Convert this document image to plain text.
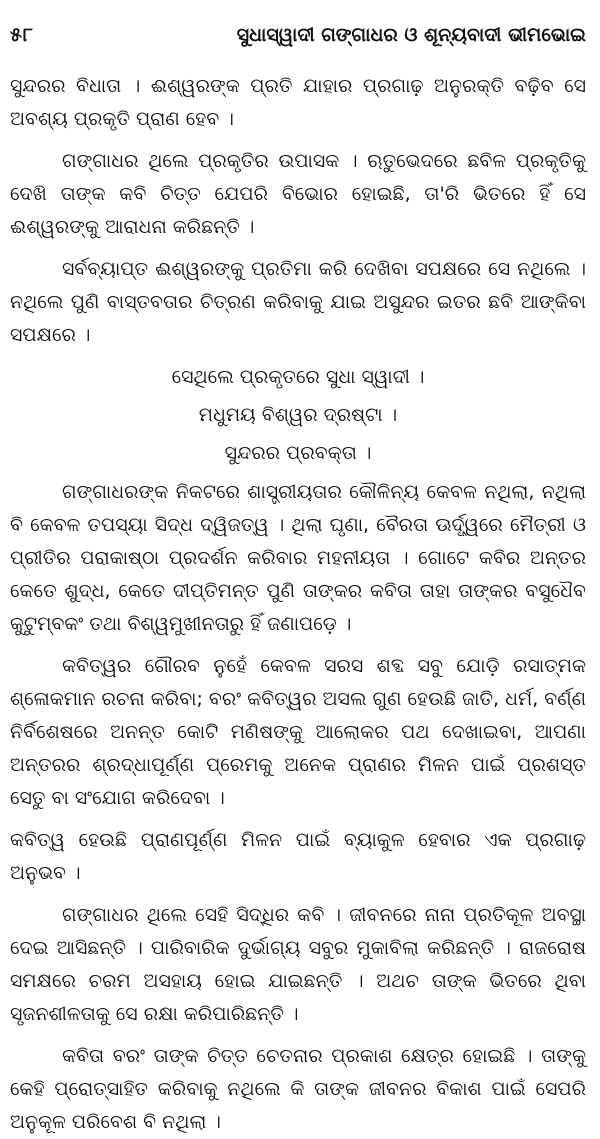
୫୮	ସୁଧାସ୍ୱାଦୀ ଗଙ୍ଗାଧର ଓ ଶୂନ୍ୟବାଦୀ ଭୀମଭୋଇ

ସୁନ୍ଦରର ବିଧାତା । ଈଶ୍ୱରଙ୍କ ପ୍ରତି ଯାହାର ପ୍ରଗାଢ଼ ଅନୁରକ୍ତି ବଢ଼ିବ ସେ ଅବଶ୍ୟ ପ୍ରକୃତି ପ୍ରାଣ ହେବ ।

ଗଙ୍ଗାଧର ଥିଲେ ପ୍ରକୃତିର ଉପାସକ । ଋତୁଭେଦରେ ଛବିଳ ପ୍ରକୃତିକୁ ଦେଖି ତାଙ୍କ କବି ଚିତ୍ତ ଯେପରି ବିଭୋର ହୋଇଛି, ତା'ରି ଭିତରେ ହିଁ ସେ ଈଶ୍ୱରଙ୍କୁ ଆରାଧନା କରିଛନ୍ତି ।

ସର୍ବବ୍ୟାପ୍ତ ଈଶ୍ୱରଙ୍କୁ ପ୍ରତିମା କରି ଦେଖିବା ସପକ୍ଷରେ ସେ ନଥିଲେ । ନଥିଲେ ପୁଣି ବାସ୍ତବତାର ଚିତ୍ରଣ କରିବାକୁ ଯାଇ ଅସୁନ୍ଦର ଇତର ଛବି ଆଙ୍କିବା ସପକ୍ଷରେ ।

ସେଥିଲେ ପ୍ରକୃତରେ ସୁଧା ସ୍ୱାଦୀ ।
ମଧୁମୟ ବିଶ୍ୱର ଦ୍ରଷ୍ଟା ।
ସୁନ୍ଦରର ପ୍ରବକ୍ତା ।

ଗଙ୍ଗାଧରଙ୍କ ନିକଟରେ ଶାସ୍ତ୍ରୀୟତାର କୌଳିନ୍ୟ କେବଳ ନଥିଲା, ନଥିଲା ବି କେବଳ ତପସ୍ୟା ସିଦ୍ଧ ଦ୍ୱିଜତ୍ୱ । ଥିଲା ଘୃଣା, ବୈରତା ଊର୍ଦ୍ଧ୍ୱରେ ମୈତ୍ରୀ ଓ ପ୍ରୀତିର ପରାକାଷ୍ଠା ପ୍ରଦର୍ଶନ କରିବାର ମହନୀୟତା । ଗୋଟେ କବିର ଅନ୍ତର କେତେ ଶୁଦ୍ଧ, କେତେ ଦୀପ୍ତିମନ୍ତ ପୁଣି ତାଙ୍କର କବିତା ତାହା ତାଙ୍କର ବସୁଧୈବ କୁଟୁମ୍ବକଂ ତଥା ବିଶ୍ୱମୁଖୀନତାରୁ ହିଁ ଜଣାପଡ଼େ ।

କବିତ୍ୱର ଗୌରବ ନୁହେଁ କେବଳ ସରସ ଶବ୍ଦ ସବୁ ଯୋଡ଼ି ରସାତ୍ମକ ଶ୍ଳୋକମାନ ରଚନା କରିବା; ବରଂ କବିତ୍ୱର ଅସଲ ଗୁଣ ହେଉଛି ଜାତି, ଧର୍ମ, ବର୍ଣ୍ଣ ନିର୍ବିଶେଷରେ ଅନନ୍ତ କୋଟି ମଣିଷଙ୍କୁ ଆଲୋକର ପଥ ଦେଖାଇବା, ଆପଣା ଅନ୍ତରର ଶ୍ରଦ୍ଧାପୂର୍ଣ୍ଣ ପ୍ରେମକୁ ଅନେକ ପ୍ରାଣର ମିଳନ ପାଇଁ ପ୍ରଶସ୍ତ ସେତୁ ବା ସଂଯୋଗ କରିଦେବା ।

କବିତ୍ୱ ହେଉଛି ପ୍ରାଣପୂର୍ଣ୍ଣ ମିଳନ ପାଇଁ ବ୍ୟାକୁଳ ହେବାର ଏକ ପ୍ରଗାଢ଼ ଅନୁଭବ ।

ଗଙ୍ଗାଧର ଥିଲେ ସେହି ସିଦ୍ଧିର କବି । ଜୀବନରେ ନାନା ପ୍ରତିକୂଳ ଅବସ୍ଥା ଦେଇ ଆସିଛନ୍ତି । ପାରିବାରିକ ଦୁର୍ଭାଗ୍ୟ ସବୁର ମୁକାବିଲା କରିଛନ୍ତି । ରାଜରୋଷ ସମକ୍ଷରେ ଚରମ ଅସହାୟ ହୋଇ ଯାଇଛନ୍ତି । ଅଥଚ ତାଙ୍କ ଭିତରେ ଥିବା ସୃଜନଶୀଳତାକୁ ସେ ରକ୍ଷା କରିପାରିଛନ୍ତି ।

କବିତା ବରଂ ତାଙ୍କ ଚିତ୍ତ ଚେତନାର ପ୍ରକାଶ କ୍ଷେତ୍ର ହୋଇଛି । ତାଙ୍କୁ କେହି ପ୍ରୋତ୍ସାହିତ କରିବାକୁ ନଥିଲେ କି ତାଙ୍କ ଜୀବନର ବିକାଶ ପାଇଁ ସେପରି ଅନୁକୂଳ ପରିବେଶ ବି ନଥିଲା ।
